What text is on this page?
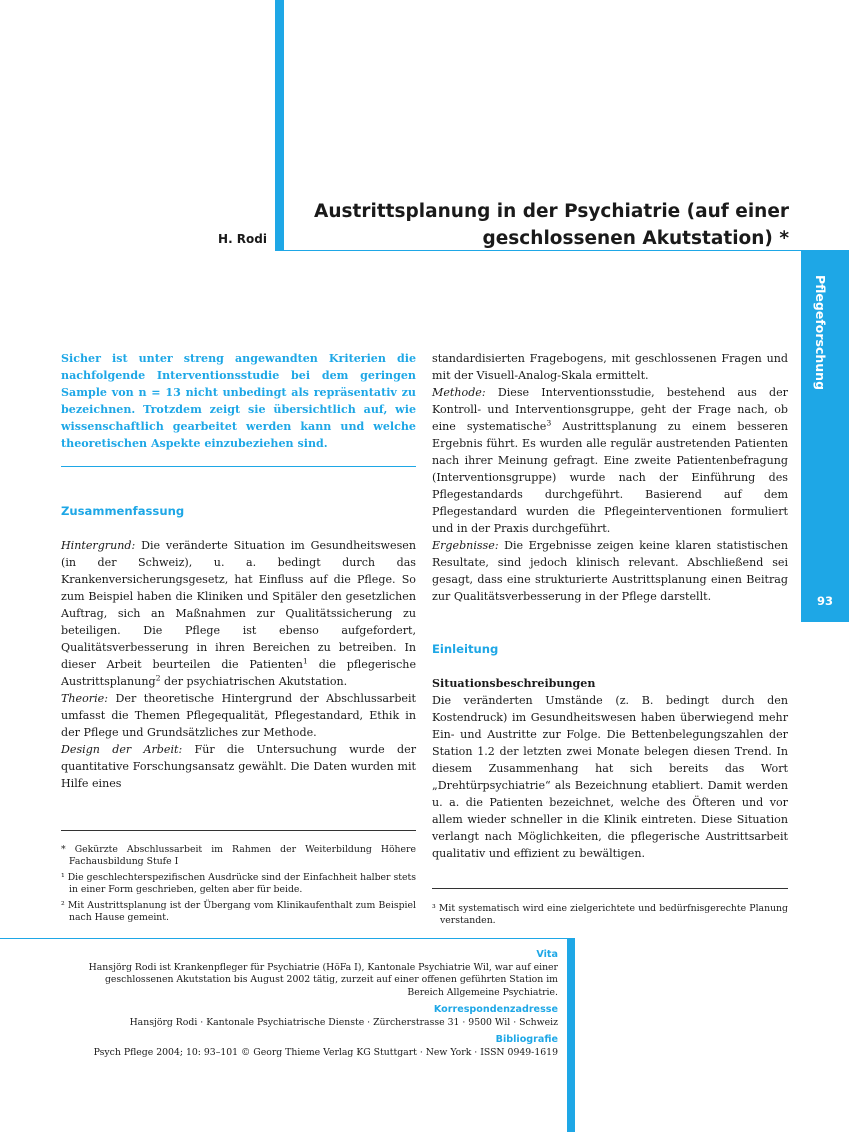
H. Rodi
Austrittsplanung in der Psychiatrie (auf einer
geschlossenen Akutstation) *
Pflegeforschung
93

Sicher ist unter streng angewandten Kriterien die nachfolgende Interventionsstudie bei dem geringen Sample von n = 13 nicht unbedingt als repräsentativ zu bezeichnen. Trotzdem zeigt sie übersichtlich auf, wie wissenschaftlich gearbeitet werden kann und welche theoretischen Aspekte einzubeziehen sind.

Zusammenfassung

Hintergrund: Die veränderte Situation im Gesundheitswesen (in der Schweiz), u. a. bedingt durch das Krankenversicherungsgesetz, hat Einfluss auf die Pflege. So zum Beispiel haben die Kliniken und Spitäler den gesetzlichen Auftrag, sich an Maßnahmen zur Qualitätssicherung zu beteiligen. Die Pflege ist ebenso aufgefordert, Qualitätsverbesserung in ihren Bereichen zu betreiben. In dieser Arbeit beurteilen die Patienten$^1$ die pflegerische Austrittsplanung$^2$ der psychiatrischen Akutstation.

Theorie: Der theoretische Hintergrund der Abschlussarbeit umfasst die Themen Pflegequalität, Pflegestandard, Ethik in der Pflege und Grundsätzliches zur Methode.

Design der Arbeit: Für die Untersuchung wurde der quantitative Forschungsansatz gewählt. Die Daten wurden mit Hilfe eines

* Gekürzte Abschlussarbeit im Rahmen der Weiterbildung Höhere Fachausbildung Stufe I

¹ Die geschlechterspezifischen Ausdrücke sind der Einfachheit halber stets in einer Form geschrieben, gelten aber für beide.

² Mit Austrittsplanung ist der Übergang vom Klinikaufenthalt zum Beispiel nach Hause gemeint.

standardisierten Fragebogens, mit geschlossenen Fragen und mit der Visuell-Analog-Skala ermittelt.

Methode: Diese Interventionsstudie, bestehend aus der Kontroll- und Interventionsgruppe, geht der Frage nach, ob eine systematische$^3$ Austrittsplanung zu einem besseren Ergebnis führt. Es wurden alle regulär austretenden Patienten nach ihrer Meinung gefragt. Eine zweite Patientenbefragung (Interventionsgruppe) wurde nach der Einführung des Pflegestandards durchgeführt. Basierend auf dem Pflegestandard wurden die Pflegeinterventionen formuliert und in der Praxis durchgeführt.

Ergebnisse: Die Ergebnisse zeigen keine klaren statistischen Resultate, sind jedoch klinisch relevant. Abschließend sei gesagt, dass eine strukturierte Austrittsplanung einen Beitrag zur Qualitätsverbesserung in der Pflege darstellt.

Einleitung

Situationsbeschreibungen

Die veränderten Umstände (z. B. bedingt durch den Kostendruck) im Gesundheitswesen haben überwiegend mehr Ein- und Austritte zur Folge. Die Bettenbelegungszahlen der Station 1.2 der letzten zwei Monate belegen diesen Trend. In diesem Zusammenhang hat sich bereits das Wort „Drehtürpsychiatrie“ als Bezeichnung etabliert. Damit werden u. a. die Patienten bezeichnet, welche des Öfteren und vor allem wieder schneller in die Klinik eintreten. Diese Situation verlangt nach Möglichkeiten, die pflegerische Austrittsarbeit qualitativ und effizient zu bewältigen.

³ Mit systematisch wird eine zielgerichtete und bedürfnisgerechte Planung verstanden.

Vita
Hansjörg Rodi ist Krankenpfleger für Psychiatrie (HöFa I), Kantonale Psychiatrie Wil, war auf einer geschlossenen Akutstation bis August 2002 tätig, zurzeit auf einer offenen geführten Station im Bereich Allgemeine Psychiatrie.
Korrespondenzadresse
Hansjörg Rodi · Kantonale Psychiatrische Dienste · Zürcherstrasse 31 · 9500 Wil · Schweiz
Bibliografie
Psych Pflege 2004; 10: 93–101 © Georg Thieme Verlag KG Stuttgart · New York · ISSN 0949-1619
